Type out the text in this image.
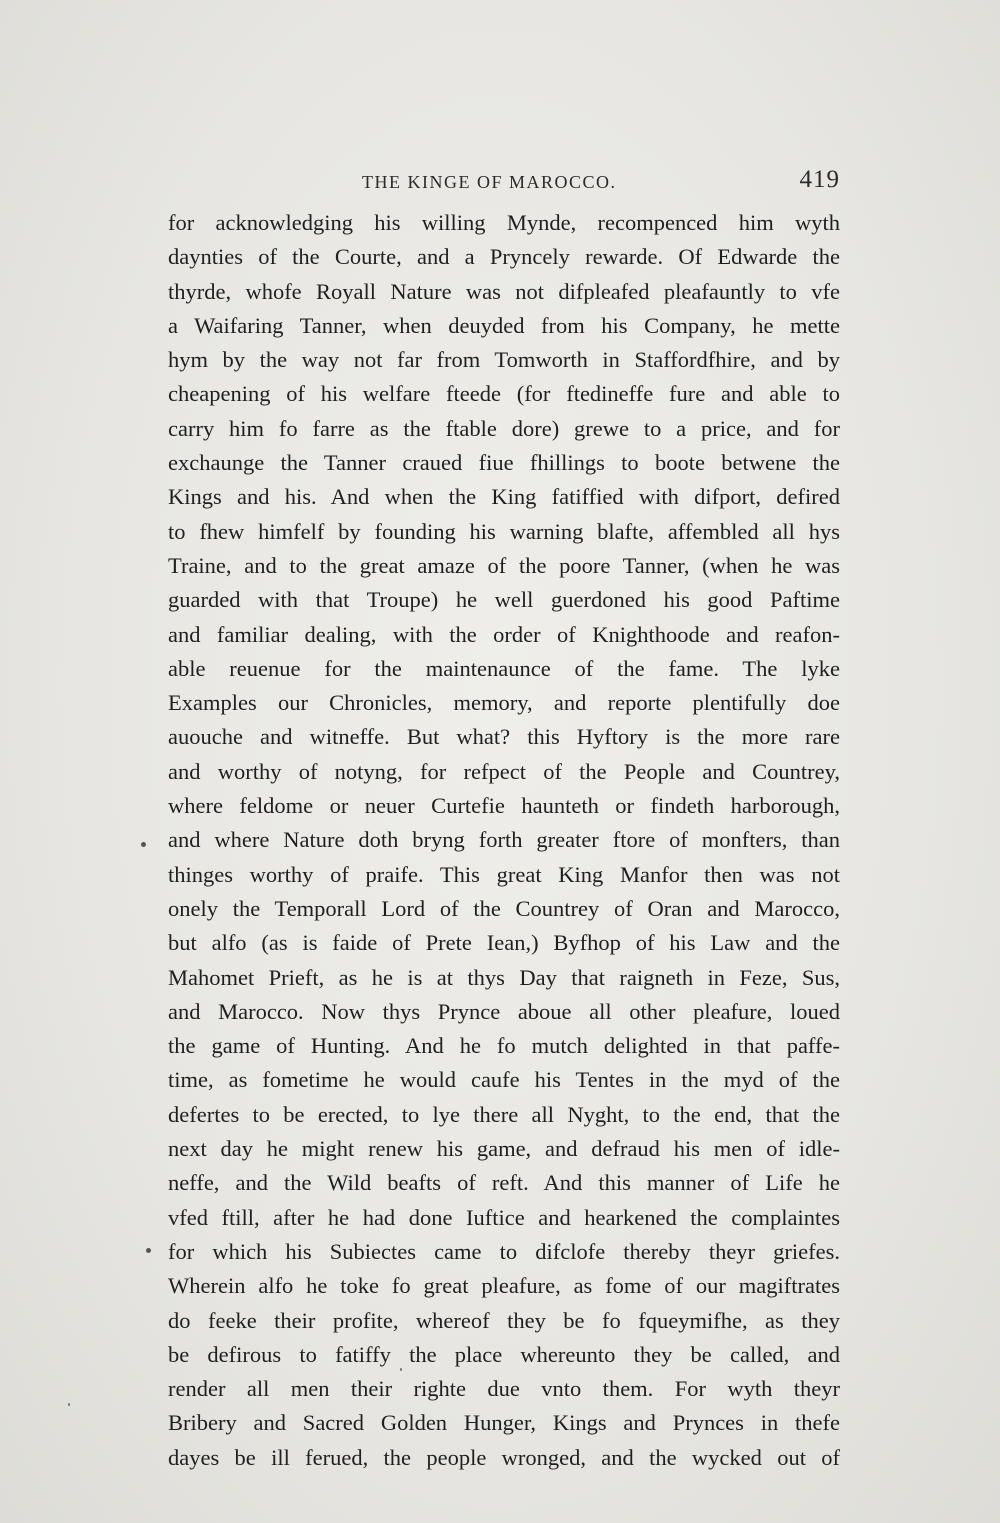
THE KINGE OF MAROCCO.	419
for acknowledging his willing Mynde, recompenced him wyth
daynties of the Courte, and a Pryncely rewarde. Of Edwarde the
thyrde, whofe Royall Nature was not difpleafed pleafauntly to vfe
a Waifaring Tanner, when deuyded from his Company, he mette
hym by the way not far from Tomworth in Staffordfhire, and by
cheapening of his welfare fteede (for ftedineffe fure and able to
carry him fo farre as the ftable dore) grewe to a price, and for
exchaunge the Tanner craued fiue fhillings to boote betwene the
Kings and his. And when the King fatiffied with difport, defired
to fhew himfelf by founding his warning blafte, affembled all hys
Traine, and to the great amaze of the poore Tanner, (when he was
guarded with that Troupe) he well guerdoned his good Paftime
and familiar dealing, with the order of Knighthoode and reafon-
able reuenue for the maintenaunce of the fame. The lyke
Examples our Chronicles, memory, and reporte plentifully doe
auouche and witneffe. But what? this Hyftory is the more rare
and worthy of notyng, for refpect of the People and Countrey,
where feldome or neuer Curtefie haunteth or findeth harborough,
and where Nature doth bryng forth greater ftore of monfters, than
thinges worthy of praife. This great King Manfor then was not
onely the Temporall Lord of the Countrey of Oran and Marocco,
but alfo (as is faide of Prete Iean,) Byfhop of his Law and the
Mahomet Prieft, as he is at thys Day that raigneth in Feze, Sus,
and Marocco. Now thys Prynce aboue all other pleafure, loued
the game of Hunting. And he fo mutch delighted in that paffe-
time, as fometime he would caufe his Tentes in the myd of the
defertes to be erected, to lye there all Nyght, to the end, that the
next day he might renew his game, and defraud his men of idle-
neffe, and the Wild beafts of reft. And this manner of Life he
vfed ftill, after he had done Iuftice and hearkened the complaintes
for which his Subiectes came to difclofe thereby theyr griefes.
Wherein alfo he toke fo great pleafure, as fome of our magiftrates
do feeke their profite, whereof they be fo fqueymifhe, as they
be defirous to fatiffy the place whereunto they be called, and
render all men their righte due vnto them. For wyth theyr
Bribery and Sacred Golden Hunger, Kings and Prynces in thefe
dayes be ill ferued, the people wronged, and the wycked out of
